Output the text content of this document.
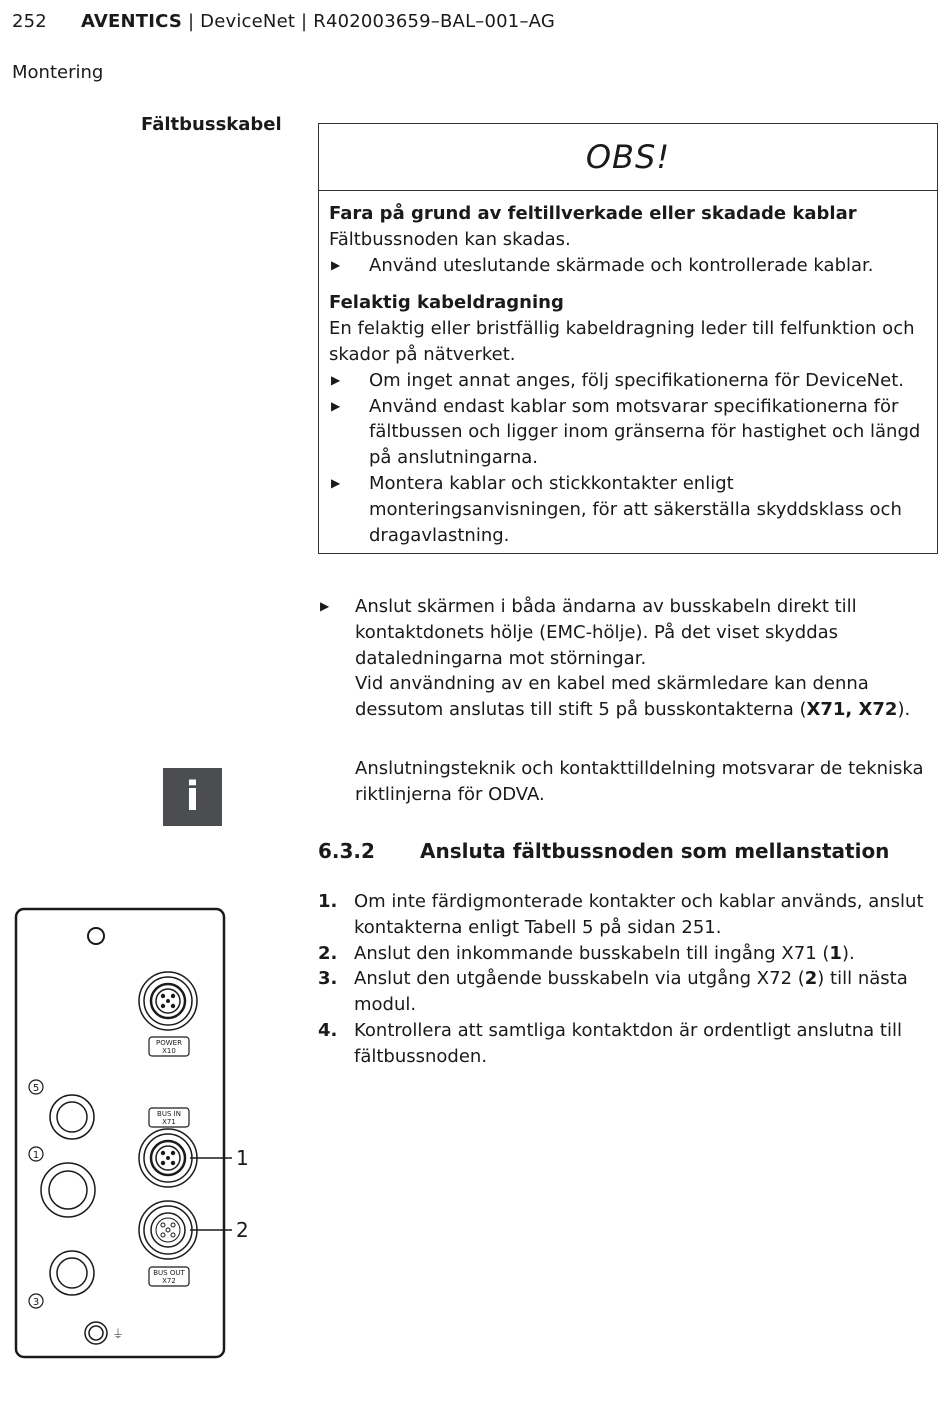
252 AVENTICS | DeviceNet | R402003659–BAL–001–AG
Montering
Fältbusskabel
OBS!
Fara på grund av feltillverkade eller skadade kablar
Fältbussnoden kan skadas.
▶ Använd uteslutande skärmade och kontrollerade kablar.
Felaktig kabeldragning
En felaktig eller bristfällig kabeldragning leder till felfunktion och skador på nätverket.
▶ Om inget annat anges, följ specifikationerna för DeviceNet.
▶ Använd endast kablar som motsvarar specifikationerna för fältbussen och ligger inom gränserna för hastighet och längd på anslutningarna.
▶ Montera kablar och stickkontakter enligt monteringsanvisningen, för att säkerställa skyddsklass och dragavlastning.
▶ Anslut skärmen i båda ändarna av busskabeln direkt till kontaktdonets hölje (EMC-hölje). På det viset skyddas dataledningarna mot störningar.
Vid användning av en kabel med skärmledare kan denna dessutom anslutas till stift 5 på busskontakterna (X71, X72).
i
Anslutningsteknik och kontakttilldelning motsvarar de tekniska riktlinjerna för ODVA.
6.3.2 Ansluta fältbussnoden som mellanstation
1. Om inte färdigmonterade kontakter och kablar används, anslut kontakterna enligt Tabell 5 på sidan 251.
2. Anslut den inkommande busskabeln till ingång X71 (1).
3. Anslut den utgående busskabeln via utgång X72 (2) till nästa modul.
4. Kontrollera att samtliga kontaktdon är ordentligt anslutna till fältbussnoden.
POWER
X10
BUS IN
X71
1
2
BUS OUT
X72
5
1
3
⏚
